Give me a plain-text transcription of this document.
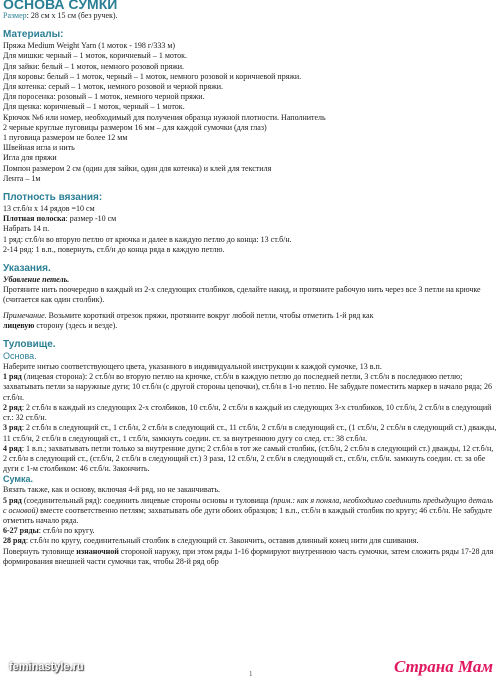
ОСНОВА СУМКИ
Размер: 28 см х 15 см (без ручек).
Материалы:
Пряжа Medium Weight Yarn (1 моток - 198 г/333 м)
Для мишки: черный – 1 моток, коричневый – 1 моток.
Для зайки: белый – 1 моток, немного розовой пряжи.
Для коровы: белый – 1 моток, черный – 1 моток, немного розовой и коричневой пряжи.
Для котенка: серый – 1 моток, немного розовой и черной пряжи.
Для поросенка: розовый – 1 моток, немного черной пряжи.
Для щенка: коричневый – 1 моток, черный – 1 моток.
Крючок №6 или номер, необходимый для получения образца нужной плотности. Наполнитель
2 черные круглые пуговицы размером 16 мм – для каждой сумочки (для глаз)
1 пуговица размером не более 12 мм
Швейная игла и нить
Игла для пряжи
Помпон размером 2 см (один для зайки, один для котенка) и клей для текстиля
Лента – 1м
Плотность вязания:
13 ст.б/н х 14 рядов =10 см
Плотная полоска: размер -10 см
Набрать 14 п.
1 ряд: ст.б/н во вторую петлю от крючка и далее в каждую петлю до конца: 13 ст.б/н.
2-14 ряд: 1 в.п., повернуть, ст.б/н до конца ряда в каждую петлю.
Указания.
Убавление петель.
Протяните нить поочередно в каждый из 2-х следующих столбиков, сделайте накид, и протяните рабочую нить через все 3 петли на крючке (считается как один столбик).
Примечание. Возьмите короткий отрезок пряжи, протяните вокруг любой петли, чтобы отметить 1-й ряд как
лицевую сторону (здесь и везде).
Туловище.
Основа.
Наберите нитью соответствующего цвета, указанного в индивидуальной инструкции к каждой сумочке, 13 в.п.
1 ряд (лицевая сторона): 2 ст.б/н во вторую петлю на крючке, ст.б/н в каждую петлю до последней петли, 3 ст.б/н в последнюю петлю; захватывать петли за наружные дуги; 10 ст.б/н (с другой стороны цепочки), ст.б/н в 1-ю петлю. Не забудьте поместить маркер в начало ряда; 26 ст.б/н.
2 ряд: 2 ст.б/н в каждый из следующих 2-х столбиков, 10 ст.б/н, 2 ст.б/н в каждый из следующих 3-х столбиков, 10 ст.б/н, 2 ст.б/н в следующий ст.: 32 ст.б/н.
3 ряд: 2 ст.б/н в следующий ст., 1 ст.б/н, 2 ст.б/н в следующий ст., 11 ст.б/н, 2 ст.б/н в следующий ст., (1 ст.б/н, 2 ст.б/н в следующий ст.) дважды, 11 ст.б/н, 2 ст.б/н в следующий ст., 1 ст.б/н, замкнуть соедин. ст. за внутреннюю дугу со след. ст.: 38 ст.б/н.
4 ряд: 1 в.п.; захватывать петли только за внутренние дуги; 2 ст.б/н в тот же самый столбик, (ст.б/н, 2 ст.б/н в следующий ст.) дважды, 12 ст.б/н, 2 ст.б/н в следующий ст., (ст.б/н, 2 ст.б/н в следующий ст.) 3 раза, 12 ст.б/н, 2 ст.б/н в следующий ст., ст.б/н, ст.б/н. замкнуть соедин. ст. за обе дуги с 1-м столбиком: 46 ст.б/н. Закончить.
Сумка.
Вязать также, как и основу, включая 4-й ряд, но не заканчивать.
5 ряд (соединительный ряд): соединить лицевые стороны основы и туловища (прим.: как я поняла, необходимо соединить предыдущую деталь с основой) вместе соответственно петлям; захватывать обе дуги обоих образцов; 1 в.п., ст.б/н в каждый столбик по кругу; 46 ст.б/н. Не забудьте отметить начало ряда.
6-27 ряды: ст.б/н по кругу.
28 ряд: ст.б/н по кругу, соединительный столбик в следующий ст. Закончить, оставив длинный конец нити для сшивания.
Повернуть туловище изнаночной стороной наружу, при этом ряды 1-16 формируют внутреннюю часть сумочки, затем сложить ряды 17-28 для формирования внешней части сумочки так, чтобы 28-й ряд обр
feminastyle.ru
1	Страна Мам
